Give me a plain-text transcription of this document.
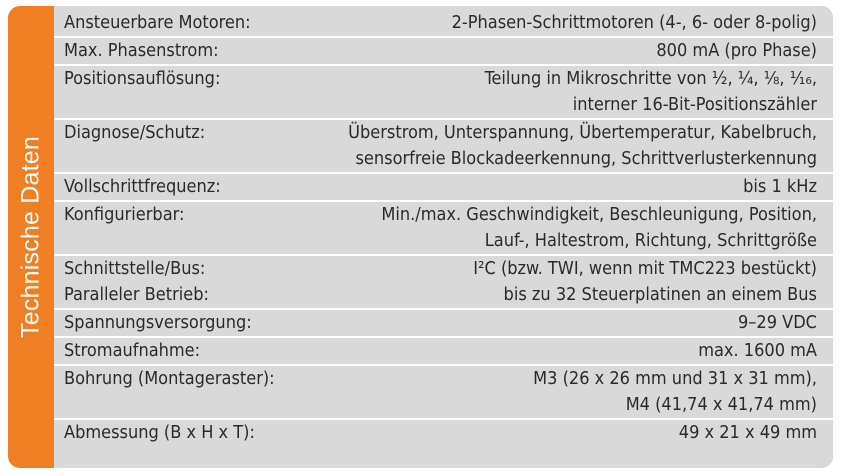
Technische Daten
Ansteuerbare Motoren:	2-Phasen-Schrittmotoren (4-, 6- oder 8-polig)
Max. Phasenstrom:	800 mA (pro Phase)
Positionsauflösung:	Teilung in Mikroschritte von ½, ¼, ⅛, ¹⁄₁₆,
interner 16-Bit-Positionszähler
Diagnose/Schutz:	Überstrom, Unterspannung, Übertemperatur, Kabelbruch,
sensorfreie Blockadeerkennung, Schrittverlusterkennung
Vollschrittfrequenz:	bis 1 kHz
Konfigurierbar:	Min./max. Geschwindigkeit, Beschleunigung, Position,
Lauf-, Haltestrom, Richtung, Schrittgröße
Schnittstelle/Bus:	I²C (bzw. TWI, wenn mit TMC223 bestückt)
Paralleler Betrieb:	bis zu 32 Steuerplatinen an einem Bus
Spannungsversorgung:	9–29 VDC
Stromaufnahme:	max. 1600 mA
Bohrung (Montageraster):	M3 (26 x 26 mm und 31 x 31 mm),
M4 (41,74 x 41,74 mm)
Abmessung (B x H x T):	49 x 21 x 49 mm
